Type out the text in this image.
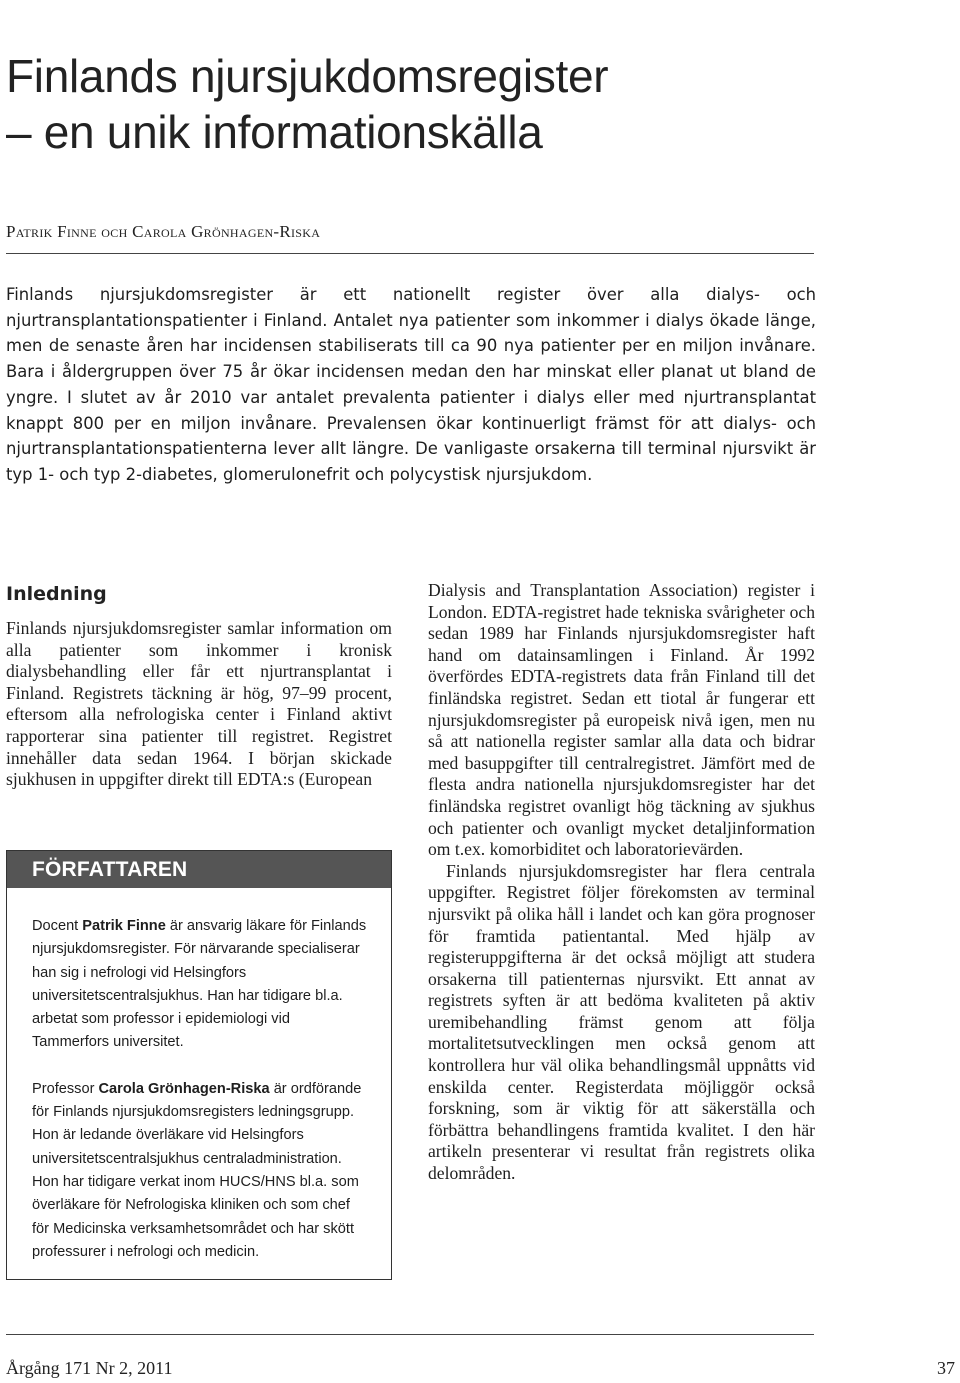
Finlands njursjukdomsregister
– en unik informationskälla
Patrik Finne och Carola Grönhagen-Riska
Finlands njursjukdomsregister är ett nationellt register över alla dialys- och njurtransplantationspatienter i Finland. Antalet nya patienter som inkommer i dialys ökade länge, men de senaste åren har incidensen stabiliserats till ca 90 nya patienter per en miljon invånare. Bara i åldergruppen över 75 år ökar incidensen medan den har minskat eller planat ut bland de yngre. I slutet av år 2010 var antalet prevalenta patienter i dialys eller med njurtransplantat knappt 800 per en miljon invånare. Prevalensen ökar kontinuerligt främst för att dialys- och njurtransplantationspatienterna lever allt längre. De vanligaste orsakerna till terminal njursvikt är typ 1- och typ 2-diabetes, glomerulonefrit och polycystisk njursjukdom.
Inledning

Finlands njursjukdomsregister samlar information om alla patienter som inkommer i kronisk dialysbehandling eller får ett njurtransplantat i Finland. Registrets täckning är hög, 97‒99 procent, eftersom alla nefrologiska center i Finland aktivt rapporterar sina patienter till registret. Registret innehåller data sedan 1964. I början skickade sjukhusen in uppgifter direkt till EDTA:s (European

FÖRFATTAREN

Docent Patrik Finne är ansvarig läkare för Finlands njursjukdomsregister. För närvarande specialiserar han sig i nefrologi vid Helsingfors universitetscentralsjukhus. Han har tidigare bl.a. arbetat som professor i epidemiologi vid Tammerfors universitet.

Professor Carola Grönhagen-Riska är ordförande för Finlands njursjukdomsregisters ledningsgrupp. Hon är ledande överläkare vid Helsingfors universitetscentralsjukhus centraladministration. Hon har tidigare verkat inom HUCS/HNS bl.a. som överläkare för Nefrologiska kliniken och som chef för Medicinska verksamhetsområdet och har skött professurer i nefrologi och medicin.

Dialysis and Transplantation Association) register i London. EDTA-registret hade tekniska svårigheter och sedan 1989 har Finlands njursjukdomsregister haft hand om datainsamlingen i Finland. År 1992 överfördes EDTA-registrets data från Finland till det finländska registret. Sedan ett tiotal år fungerar ett njursjukdomsregister på europeisk nivå igen, men nu så att nationella register samlar alla data och bidrar med basuppgifter till centralregistret. Jämfört med de flesta andra nationella njursjukdomsregister har det finländska registret ovanligt hög täckning av sjukhus och patienter och ovanligt mycket detaljinformation om t.ex. komorbiditet och laboratorievärden.

Finlands njursjukdomsregister har flera centrala uppgifter. Registret följer förekomsten av terminal njursvikt på olika håll i landet och kan göra prognoser för framtida patientantal. Med hjälp av registeruppgifterna är det också möjligt att studera orsakerna till patienternas njursvikt. Ett annat av registrets syften är att bedöma kvaliteten på aktiv uremibehandling främst genom att följa mortalitetsutvecklingen men också genom att kontrollera hur väl olika behandlingsmål uppnåtts vid enskilda center. Registerdata möjliggör också forskning, som är viktig för att säkerställa och förbättra behandlingens framtida kvalitet. I den här artikeln presenterar vi resultat från registrets olika delområden.

Årgång 171 Nr 2, 2011	37
